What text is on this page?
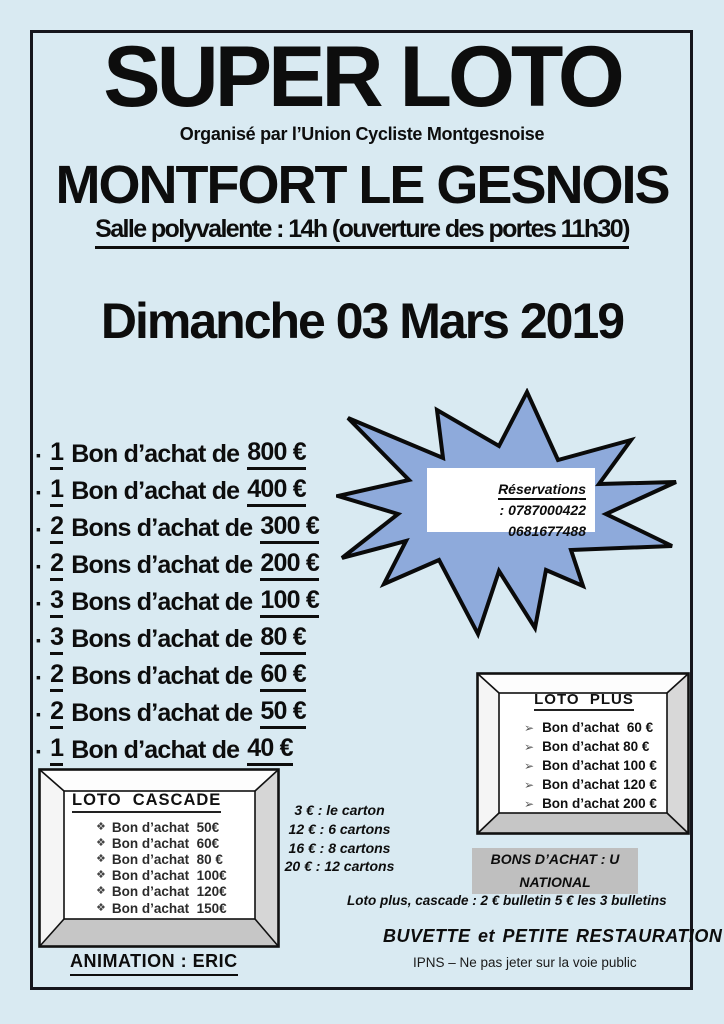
SUPER LOTO
Organisé par l’Union Cycliste Montgesnoise
MONTFORT LE GESNOIS
Salle polyvalente : 14h (ouverture des portes 11h30)
Dimanche 03 Mars 2019
▪ 1 Bon d’achat de 800 €
▪ 1 Bon d’achat de 400 €
▪ 2 Bons d’achat de 300 €
▪ 2 Bons d’achat de 200 €
▪ 3 Bons d’achat de 100 €
▪ 3 Bons d’achat de 80 €
▪ 2 Bons d’achat de 60 €
▪ 2 Bons d’achat de 50 €
▪ 1 Bon d’achat de 40 €
Réservations : 0787000422
0681677488
LOTO  PLUS
➢ Bon d’achat  60 €
➢ Bon d’achat 80 €
➢ Bon d’achat 100 €
➢ Bon d’achat 120 €
➢ Bon d’achat 200 €
LOTO  CASCADE
❖ Bon d’achat  50€
❖ Bon d’achat  60€
❖ Bon d’achat  80 €
❖ Bon d’achat  100€
❖ Bon d’achat  120€
❖ Bon d’achat  150€
3 € : le carton
12 € : 6 cartons
16 € : 8 cartons
20 € : 12 cartons	BONS D’ACHAT : U NATIONAL
Loto plus, cascade : 2 € bulletin 5 € les 3 bulletins
BUVETTE et PETITE RESTAURATION
IPNS – Ne pas jeter sur la voie public
ANIMATION : ERIC
